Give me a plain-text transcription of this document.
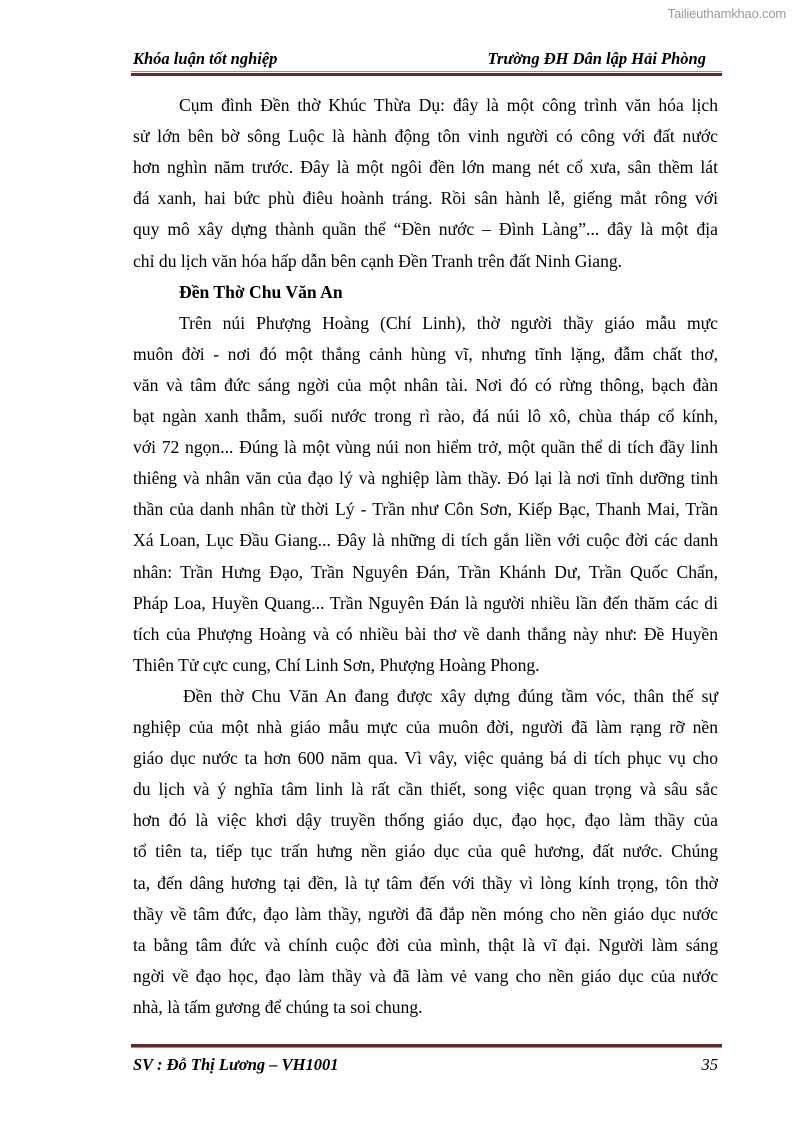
Tailieuthamkhao.com
Khóa luận tốt nghiệp	Trường ĐH Dân lập Hải Phòng
Cụm đình Đền thờ Khúc Thừa Dụ: đây là một công trình văn hóa lịch
sử lớn bên bờ sông Luộc là hành động tôn vinh người có công với đất nước
hơn nghìn năm trước. Đây là một ngôi đền lớn mang nét cổ xưa, sân thềm lát
đá xanh, hai bức phù điêu hoành tráng. Rồi sân hành lễ, giếng mắt rông với
quy mô xây dựng thành quần thể “Đền nước – Đình Làng”... đây là một địa
chỉ du lịch văn hóa hấp dẫn bên cạnh Đền Tranh trên đất Ninh Giang.
Đền Thờ Chu Văn An
Trên núi Phượng Hoàng (Chí Linh), thờ người thầy giáo mẫu mực
muôn đời - nơi đó một thắng cảnh hùng vĩ, nhưng tĩnh lặng, đẫm chất thơ,
văn và tâm đức sáng ngời của một nhân tài. Nơi đó có rừng thông, bạch đàn
bạt ngàn xanh thẫm, suối nước trong rì rào, đá núi lô xô, chùa tháp cổ kính,
với 72 ngọn... Đúng là một vùng núi non hiểm trở, một quần thể di tích đầy linh
thiêng và nhân văn của đạo lý và nghiệp làm thầy. Đó lại là nơi tĩnh dưỡng tinh
thần của danh nhân từ thời Lý - Trần như Côn Sơn, Kiếp Bạc, Thanh Mai, Trần
Xá Loan, Lục Đầu Giang... Đây là những di tích gắn liền với cuộc đời các danh
nhân: Trần Hưng Đạo, Trần Nguyên Đán, Trần Khánh Dư, Trần Quốc Chẩn,
Pháp Loa, Huyền Quang... Trần Nguyên Đán là người nhiều lần đến thăm các di
tích của Phượng Hoàng và có nhiều bài thơ về danh thắng này như: Đề Huyền
Thiên Tử cực cung, Chí Linh Sơn, Phượng Hoàng Phong.
Đền thờ Chu Văn An đang được xây dựng đúng tầm vóc, thân thế sự
nghiệp của một nhà giáo mẫu mực của muôn đời, người đã làm rạng rỡ nền
giáo dục nước ta hơn 600 năm qua. Vì vây, việc quảng bá di tích phục vụ cho
du lịch và ý nghĩa tâm linh là rất cần thiết, song việc quan trọng và sâu sắc
hơn đó là việc khơi dậy truyền thống giáo dục, đạo học, đạo làm thầy của
tổ tiên ta, tiếp tục trấn hưng nền giáo dục của quê hương, đất nước. Chúng
ta, đến dâng hương tại đền, là tự tâm đến với thầy vì lòng kính trọng, tôn thờ
thầy về tâm đức, đạo làm thầy, người đã đắp nền móng cho nền giáo dục nước
ta bằng tâm đức và chính cuộc đời của mình, thật là vĩ đại. Người làm sáng
ngời về đạo học, đạo làm thầy và đã làm vẻ vang cho nền giáo dục của nước
nhà, là tấm gương để chúng ta soi chung.
SV : Đỗ Thị Lương – VH1001	35
